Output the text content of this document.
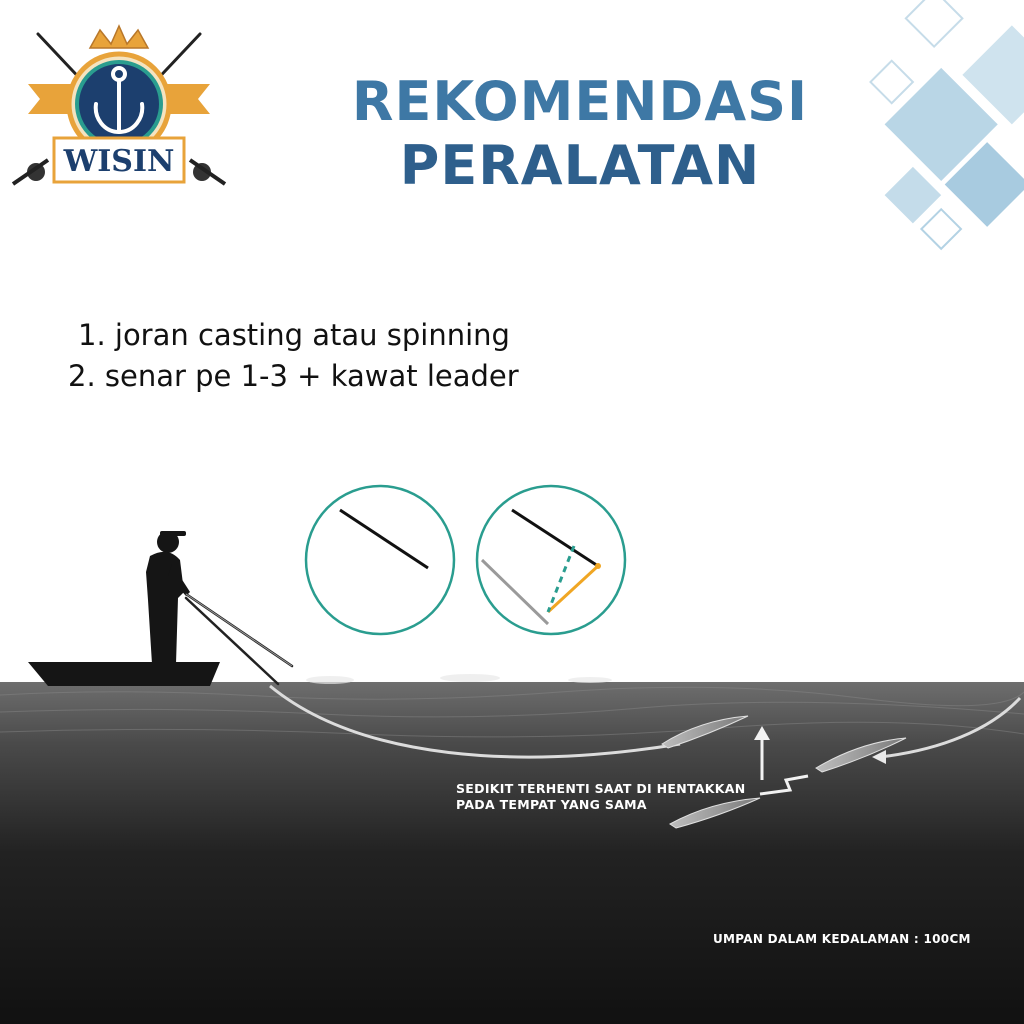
WISIN
REKOMENDASI
PERALATAN
1. joran casting atau spinning
2. senar pe 1-3 + kawat leader
SEDIKIT TERHENTI SAAT DI HENTAKKAN
PADA TEMPAT YANG SAMA
UMPAN DALAM KEDALAMAN : 100CM
